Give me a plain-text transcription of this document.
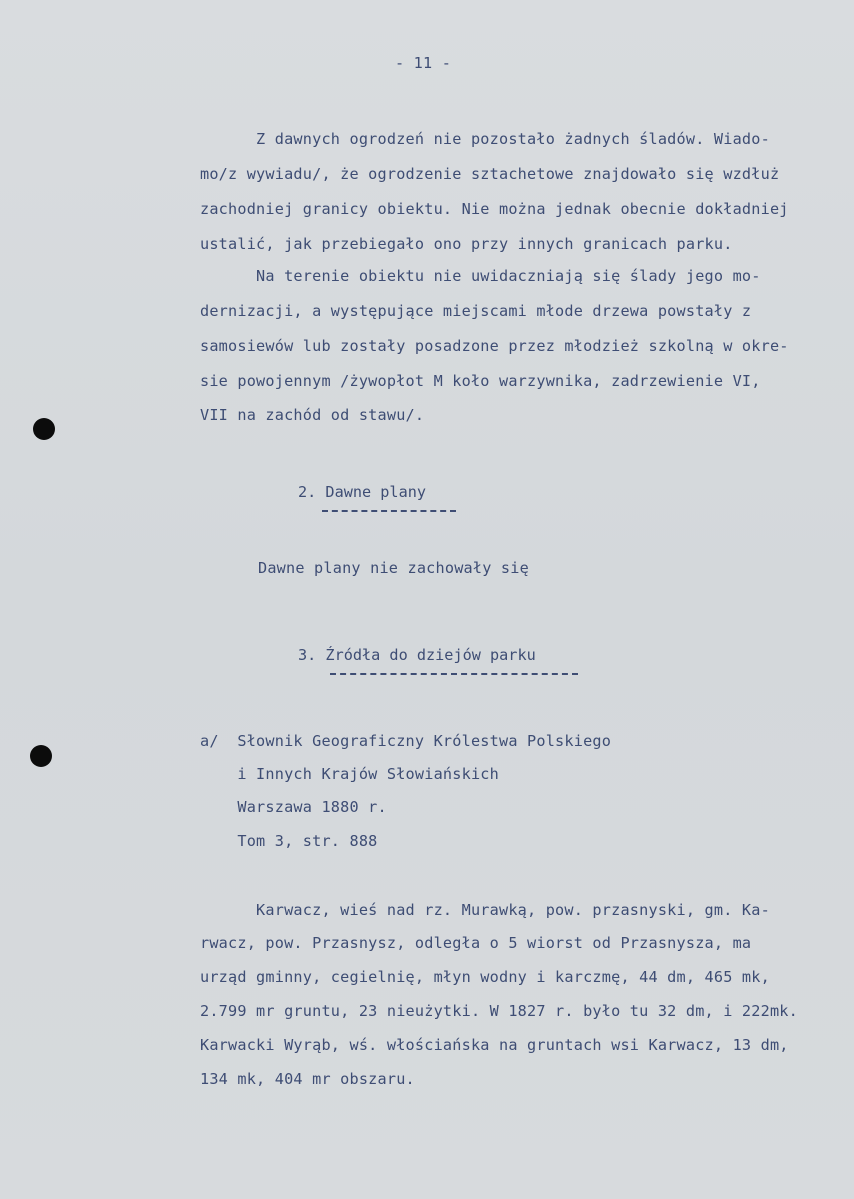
- 11 -
Z dawnych ogrodzeń nie pozostało żadnych śladów. Wiado-
mo/z wywiadu/, że ogrodzenie sztachetowe znajdowało się wzdłuż
zachodniej granicy obiektu. Nie można jednak obecnie dokładniej
ustalić, jak przebiegało ono przy innych granicach parku.
Na terenie obiektu nie uwidaczniają się ślady jego mo-
dernizacji, a występujące miejscami młode drzewa powstały z
samosiewów lub zostały posadzone przez młodzież szkolną w okre-
sie powojennym /żywopłot M koło warzywnika, zadrzewienie VI,
VII na zachód od stawu/.
2. Dawne plany
Dawne plany nie zachowały się
3. Źródła do dziejów parku
a/  Słownik Geograficzny Królestwa Polskiego
i Innych Krajów Słowiańskich
Warszawa 1880 r.
Tom 3, str. 888
Karwacz, wieś nad rz. Murawką, pow. przasnyski, gm. Ka-
rwacz, pow. Przasnysz, odległa o 5 wiorst od Przasnysza, ma
urząd gminny, cegielnię, młyn wodny i karczmę, 44 dm, 465 mk,
2.799 mr gruntu, 23 nieużytki. W 1827 r. było tu 32 dm, i 222mk.
Karwacki Wyrąb, wś. włościańska na gruntach wsi Karwacz, 13 dm,
134 mk, 404 mr obszaru.
